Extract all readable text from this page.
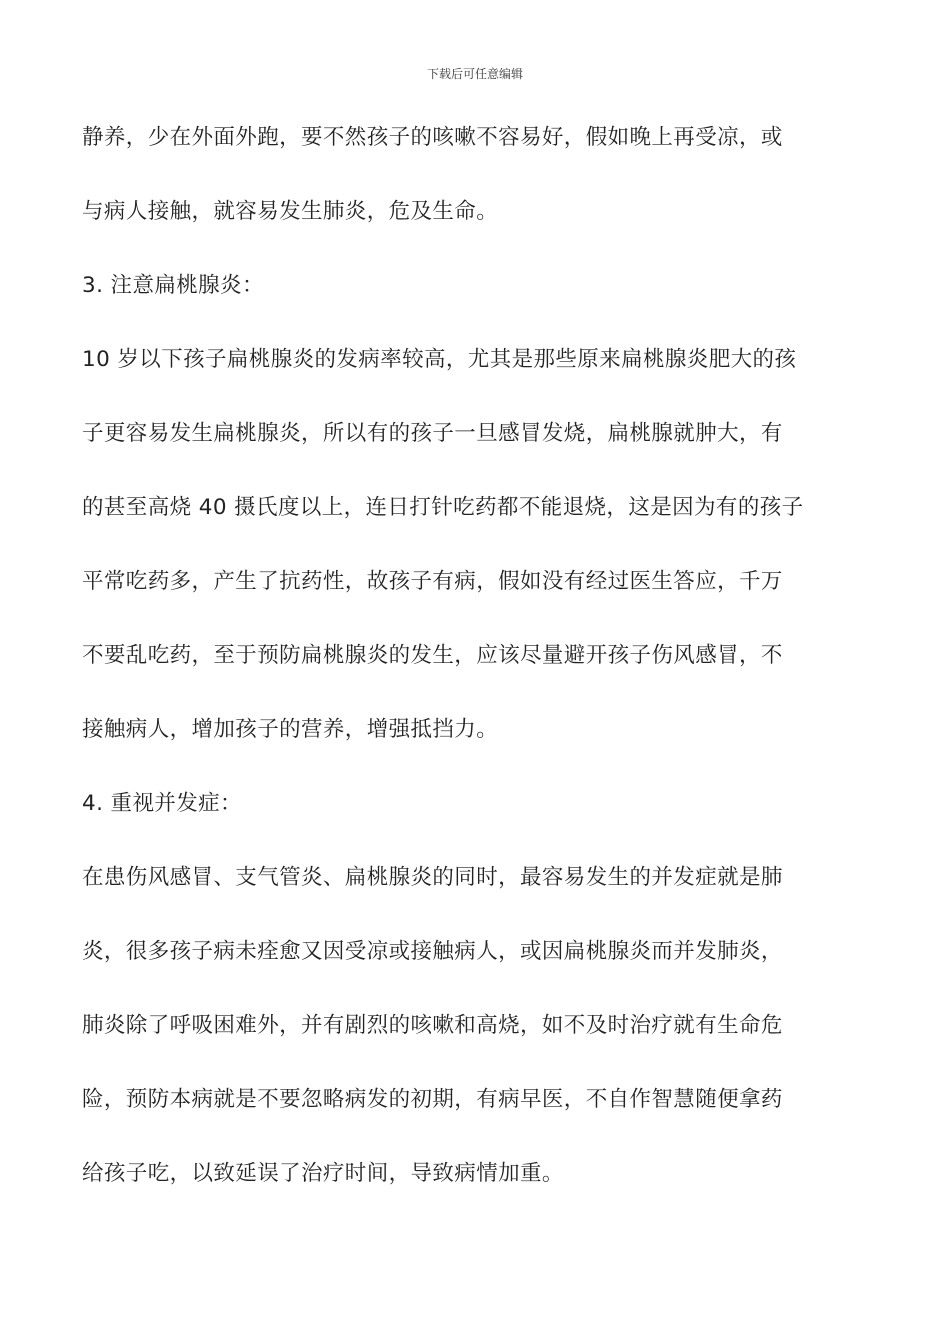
下载后可任意编辑
静养，少在外面外跑，要不然孩子的咳嗽不容易好，假如晚上再受凉，或
与病人接触，就容易发生肺炎，危及生命。
3. 注意扁桃腺炎：
10 岁以下孩子扁桃腺炎的发病率较高，尤其是那些原来扁桃腺炎肥大的孩
子更容易发生扁桃腺炎，所以有的孩子一旦感冒发烧，扁桃腺就肿大，有
的甚至高烧 40 摄氏度以上，连日打针吃药都不能退烧，这是因为有的孩子
平常吃药多，产生了抗药性，故孩子有病，假如没有经过医生答应，千万
不要乱吃药，至于预防扁桃腺炎的发生，应该尽量避开孩子伤风感冒，不
接触病人，增加孩子的营养，增强抵挡力。
4. 重视并发症：
在患伤风感冒、支气管炎、扁桃腺炎的同时，最容易发生的并发症就是肺
炎，很多孩子病未痊愈又因受凉或接触病人，或因扁桃腺炎而并发肺炎，
肺炎除了呼吸困难外，并有剧烈的咳嗽和高烧，如不及时治疗就有生命危
险，预防本病就是不要忽略病发的初期，有病早医，不自作智慧随便拿药
给孩子吃，以致延误了治疗时间，导致病情加重。
